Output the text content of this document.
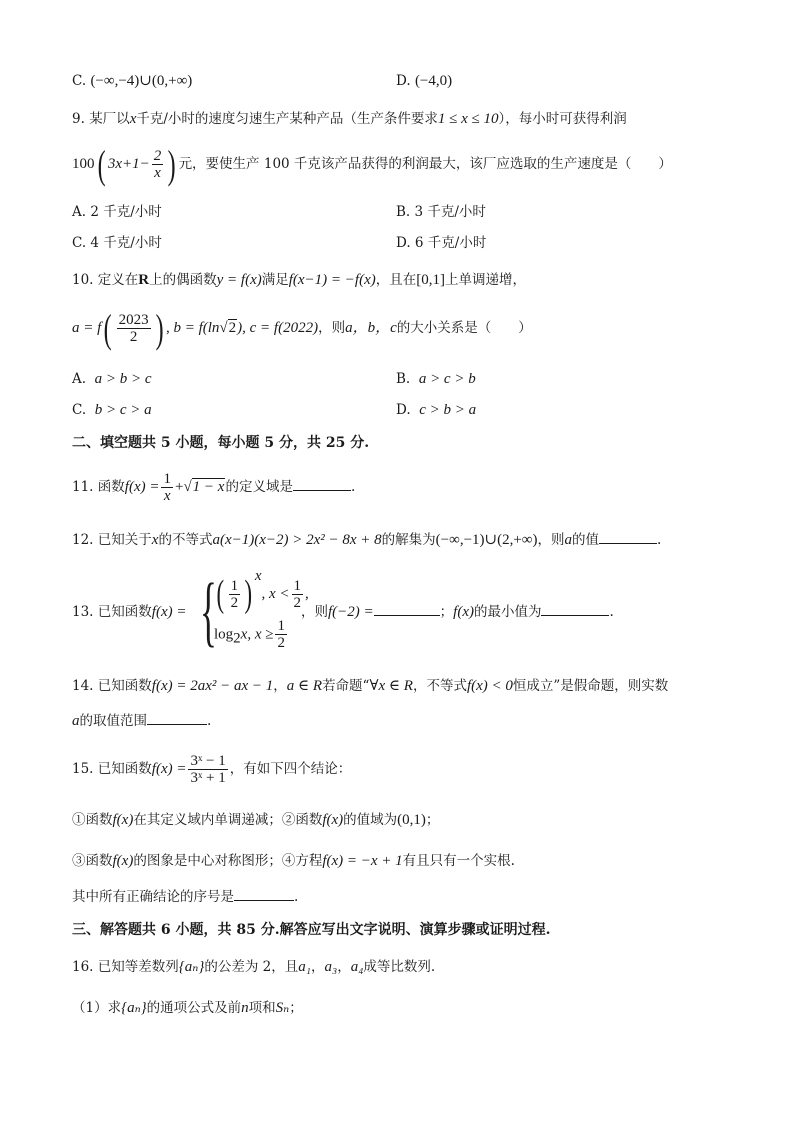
C. (−∞,−4)∪(0,+∞)	D. (−4,0)
9. 某厂以x千克/小时的速度匀速生产某种产品（生产条件要求1 ≤ x ≤ 10），每小时可获得利润
100( $3x+1- \frac{2}{x}$ ) 元，要使生产 100 千克该产品获得的利润最大，该厂应选取的生产速度是（　　）
A. 2 千克/小时	B. 3 千克/小时
C. 4 千克/小时	D. 6 千克/小时
10. 定义在R上的偶函数y = f(x)满足f(x−1) = −f(x)，且在[0,1]上单调递增，
$a = f( \frac{2023}{2}$ ) , b = f(ln√2), c = f(2022)，则a，b，c的大小关系是（　　）
A. a > b > c	B. a > c > b
C. b > c > a	D. c > b > a
二、填空题共 5 小题，每小题 5 分，共 25 分.
11. 函数$f(x) = \frac{1}{x} +√1 - x$的定义域是	.
12. 已知关于x的不等式a(x−1)(x−2) > 2x² − 8x + 8的解集为(−∞,−1)∪(2,+∞)，则a的值	.
13. 已知函数f(x) = { ( $\frac{1}{2}$ ) $^x$, $x < \frac{1}{2}$ ,
$\log_2x$, $x \ge \frac{1}{2}$
，则f(−2) =	；f(x)的最小值为	.
14. 已知函数f(x) = 2ax² − ax − 1，a ∈ R若命题“∀x ∈ R，不等式f(x) < 0恒成立”是假命题，则实数
a的取值范围	.
15. 已知函数$f(x) = \frac{\text{3ˣ − 1}}{\text{3ˣ + 1}}$ ，有如下四个结论：
①函数f(x)在其定义域内单调递减；②函数f(x)的值域为(0,1)；
③函数f(x)的图象是中心对称图形；④方程f(x) = −x + 1有且只有一个实根.
其中所有正确结论的序号是	.
三、解答题共 6 小题，共 85 分.解答应写出文字说明、演算步骤或证明过程.
16. 已知等差数列{aₙ}的公差为 2，且a₁，a₃，a₄成等比数列.
（1）求{aₙ}的通项公式及前n项和Sₙ；
